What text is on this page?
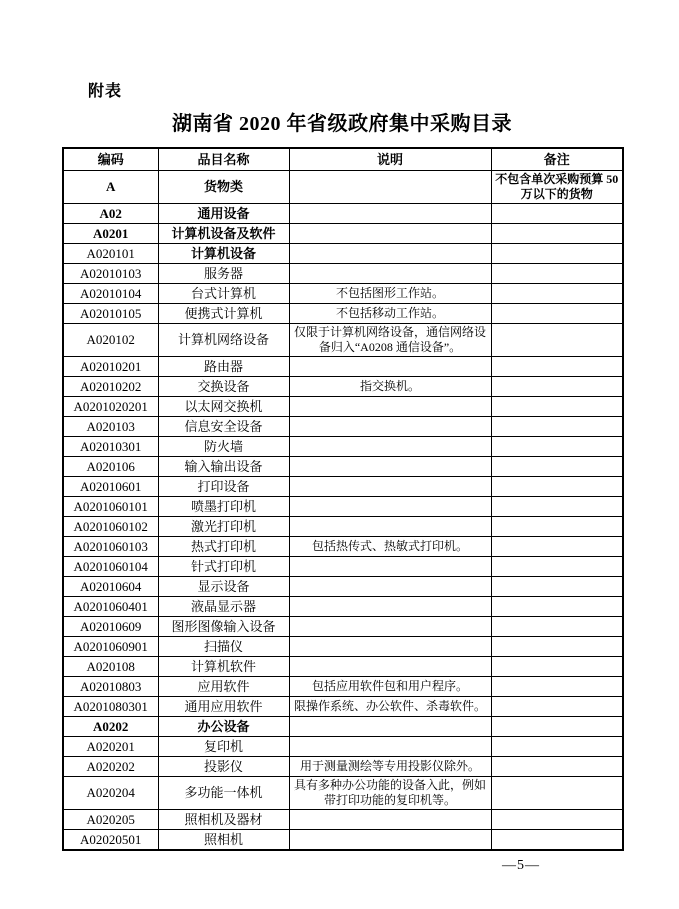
附表
湖南省 2020 年省级政府集中采购目录
编码	品目名称	说明	备注
A	货物类		不包含单次采购预算 50 万以下的货物
A02	通用设备		
A0201	计算机设备及软件		
A020101	计算机设备		
A02010103	服务器		
A02010104	台式计算机	不包括图形工作站。	
A02010105	便携式计算机	不包括移动工作站。	
A020102	计算机网络设备	仅限于计算机网络设备，通信网络设备归入“A0208 通信设备”。	
A02010201	路由器		
A02010202	交换设备	指交换机。	
A0201020201	以太网交换机		
A020103	信息安全设备		
A02010301	防火墙		
A020106	输入输出设备		
A02010601	打印设备		
A0201060101	喷墨打印机		
A0201060102	激光打印机		
A0201060103	热式打印机	包括热传式、热敏式打印机。	
A0201060104	针式打印机		
A02010604	显示设备		
A0201060401	液晶显示器		
A02010609	图形图像输入设备		
A0201060901	扫描仪		
A020108	计算机软件		
A02010803	应用软件	包括应用软件包和用户程序。	
A0201080301	通用应用软件	限操作系统、办公软件、杀毒软件。	
A0202	办公设备		
A020201	复印机		
A020202	投影仪	用于测量测绘等专用投影仪除外。	
A020204	多功能一体机	具有多种办公功能的设备入此，例如带打印功能的复印机等。	
A020205	照相机及器材		
A02020501	照相机		
—5—
